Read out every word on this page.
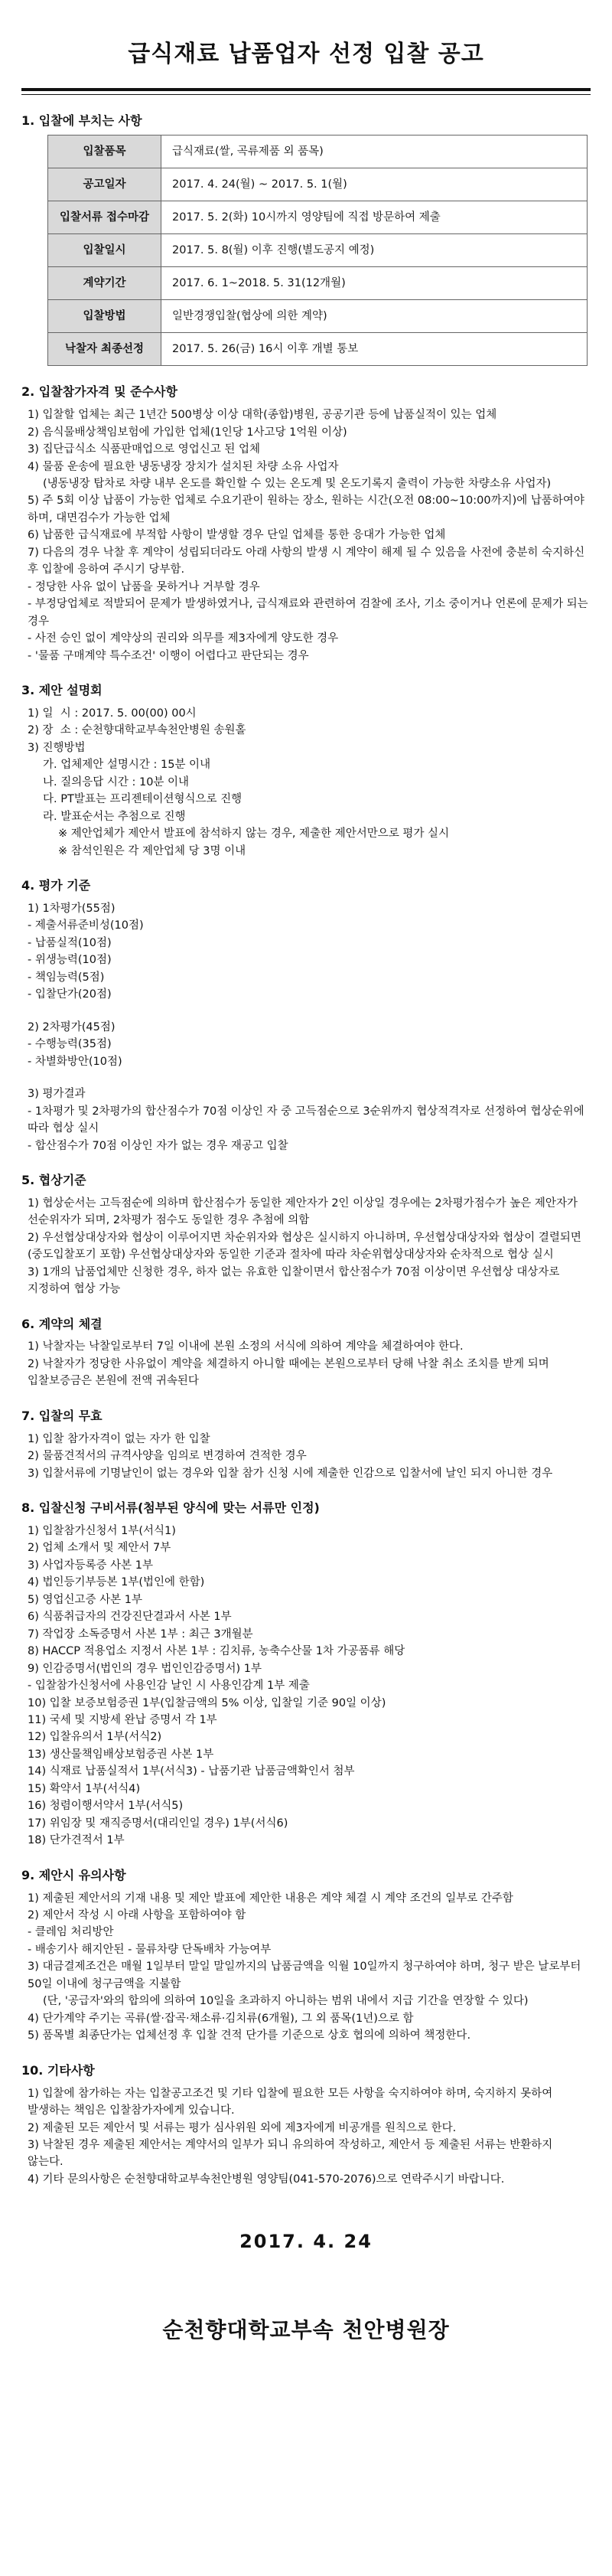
급식재료 납품업자 선정 입찰 공고
1. 입찰에 부치는 사항
입찰품목	급식재료(쌀, 곡류제품 외 품목)
공고일자	2017. 4. 24(월) ~ 2017. 5. 1(월)
입찰서류 접수마감	2017. 5. 2(화) 10시까지 영양팀에 직접 방문하여 제출
입찰일시	2017. 5. 8(월) 이후 진행(별도공지 예정)
계약기간	2017. 6. 1~2018. 5. 31(12개월)
입찰방법	일반경쟁입찰(협상에 의한 계약)
낙찰자 최종선정	2017. 5. 26(금) 16시 이후 개별 통보
2. 입찰참가자격 및 준수사항
1) 입찰할 업체는 최근 1년간 500병상 이상 대학(종합)병원, 공공기관 등에 납품실적이 있는 업체
2) 음식물배상책임보험에 가입한 업체(1인당 1사고당 1억원 이상)
3) 집단급식소 식품판매업으로 영업신고 된 업체
4) 물품 운송에 필요한 냉동냉장 장치가 설치된 차량 소유 사업자
(냉동냉장 탑차로 차량 내부 온도를 확인할 수 있는 온도계 및 온도기록지 출력이 가능한 차량소유 사업자)
5) 주 5회 이상 납품이 가능한 업체로 수요기관이 원하는 장소, 원하는 시간(오전 08:00~10:00까지)에 납품하여야 하며, 대면검수가 가능한 업체
6) 납품한 급식재료에 부적합 사항이 발생할 경우 단일 업체를 통한 응대가 가능한 업체
7) 다음의 경우 낙찰 후 계약이 성립되더라도 아래 사항의 발생 시 계약이 해제 될 수 있음을 사전에 충분히 숙지하신 후 입찰에 응하여 주시기 당부함.
- 정당한 사유 없이 납품을 못하거나 거부할 경우
- 부정당업체로 적발되어 문제가 발생하였거나, 급식재료와 관련하여 검찰에 조사, 기소 중이거나 언론에 문제가 되는 경우
- 사전 승인 없이 계약상의 권리와 의무를 제3자에게 양도한 경우
- '물품 구매계약 특수조건' 이행이 어렵다고 판단되는 경우
3. 제안 설명회
1) 일  시 : 2017. 5. 00(00) 00시
2) 장  소 : 순천향대학교부속천안병원 송원홀
3) 진행방법
가. 업체제안 설명시간 : 15분 이내
나. 질의응답 시간 : 10분 이내
다. PT발표는 프리젠테이션형식으로 진행
라. 발표순서는 추첨으로 진행
※ 제안업체가 제안서 발표에 참석하지 않는 경우, 제출한 제안서만으로 평가 실시
※ 참석인원은 각 제안업체 당 3명 이내
4. 평가 기준
1) 1차평가(55점)
- 제출서류준비성(10점)
- 납품실적(10점)
- 위생능력(10점)
- 책임능력(5점)
- 입찰단가(20점)
2) 2차평가(45점)
- 수행능력(35점)
- 차별화방안(10점)
3) 평가결과
- 1차평가 및 2차평가의 합산점수가 70점 이상인 자 중 고득점순으로 3순위까지 협상적격자로 선정하여 협상순위에 따라 협상 실시
- 합산점수가 70점 이상인 자가 없는 경우 재공고 입찰
5. 협상기준
1) 협상순서는 고득점순에 의하며 합산점수가 동일한 제안자가 2인 이상일 경우에는 2차평가점수가 높은 제안자가 선순위자가 되며, 2차평가 점수도 동일한 경우 추첨에 의함
2) 우선협상대상자와 협상이 이루어지면 차순위자와 협상은 실시하지 아니하며, 우선협상대상자와 협상이 결렬되면(중도입찰포기 포함) 우선협상대상자와 동일한 기준과 절차에 따라 차순위협상대상자와 순차적으로 협상 실시
3) 1개의 납품업체만 신청한 경우, 하자 없는 유효한 입찰이면서 합산점수가 70점 이상이면 우선협상 대상자로 지정하여 협상 가능
6. 계약의 체결
1) 낙찰자는 낙찰일로부터 7일 이내에 본원 소정의 서식에 의하여 계약을 체결하여야 한다.
2) 낙찰자가 정당한 사유없이 계약을 체결하지 아니할 때에는 본원으로부터 당해 낙찰 취소 조치를 받게 되며 입찰보증금은 본원에 전액 귀속된다
7. 입찰의 무효
1) 입찰 참가자격이 없는 자가 한 입찰
2) 물품견적서의 규격사양을 임의로 변경하여 견적한 경우
3) 입찰서류에 기명날인이 없는 경우와 입찰 참가 신청 시에 제출한 인감으로 입찰서에 날인 되지 아니한 경우
8. 입찰신청 구비서류(첨부된 양식에 맞는 서류만 인정)
1) 입찰참가신청서 1부(서식1)
2) 업체 소개서 및 제안서 7부
3) 사업자등록증 사본 1부
4) 법인등기부등본 1부(법인에 한함)
5) 영업신고증 사본 1부
6) 식품취급자의 건강진단결과서 사본 1부
7) 작업장 소독증명서 사본 1부 : 최근 3개월분
8) HACCP 적용업소 지정서 사본 1부 : 김치류, 농축수산물 1차 가공품류 해당
9) 인감증명서(법인의 경우 법인인감증명서) 1부
- 입찰참가신청서에 사용인감 날인 시 사용인감계 1부 제출
10) 입찰 보증보험증권 1부(입찰금액의 5% 이상, 입찰일 기준 90일 이상)
11) 국세 및 지방세 완납 증명서 각 1부
12) 입찰유의서 1부(서식2)
13) 생산물책임배상보험증권 사본 1부
14) 식재료 납품실적서 1부(서식3) - 납품기관 납품금액확인서 첨부
15) 확약서 1부(서식4)
16) 청렴이행서약서 1부(서식5)
17) 위임장 및 재직증명서(대리인일 경우) 1부(서식6)
18) 단가견적서 1부
9. 제안시 유의사항
1) 제출된 제안서의 기재 내용 및 제안 발표에 제안한 내용은 계약 체결 시 계약 조건의 일부로 간주함
2) 제안서 작성 시 아래 사항을 포함하여야 함
- 클레임 처리방안
- 배송기사 해지안된 - 물류차량 단독배차 가능여부
3) 대금결제조건은 매월 1일부터 말일 말일까지의 납품금액을 익월 10일까지 청구하여야 하며, 청구 받은 날로부터 50일 이내에 청구금액을 지불함
(단, '공급자'와의 합의에 의하여 10일을 초과하지 아니하는 범위 내에서 지급 기간을 연장할 수 있다)
4) 단가계약 주기는 곡류(쌀·잡곡·채소류·김치류(6개월), 그 외 품목(1년)으로 함
5) 품목별 최종단가는 업체선정 후 입찰 견적 단가를 기준으로 상호 협의에 의하여 책정한다.
10. 기타사항
1) 입찰에 참가하는 자는 입찰공고조건 및 기타 입찰에 필요한 모든 사항을 숙지하여야 하며, 숙지하지 못하여 발생하는 책임은 입찰참가자에게 있습니다.
2) 제출된 모든 제안서 및 서류는 평가 심사위원 외에 제3자에게 비공개를 원칙으로 한다.
3) 낙찰된 경우 제출된 제안서는 계약서의 일부가 되니 유의하여 작성하고, 제안서 등 제출된 서류는 반환하지 않는다.
4) 기타 문의사항은 순천향대학교부속천안병원 영양팀(041-570-2076)으로 연락주시기 바랍니다.
2017. 4. 24
순천향대학교부속 천안병원장
